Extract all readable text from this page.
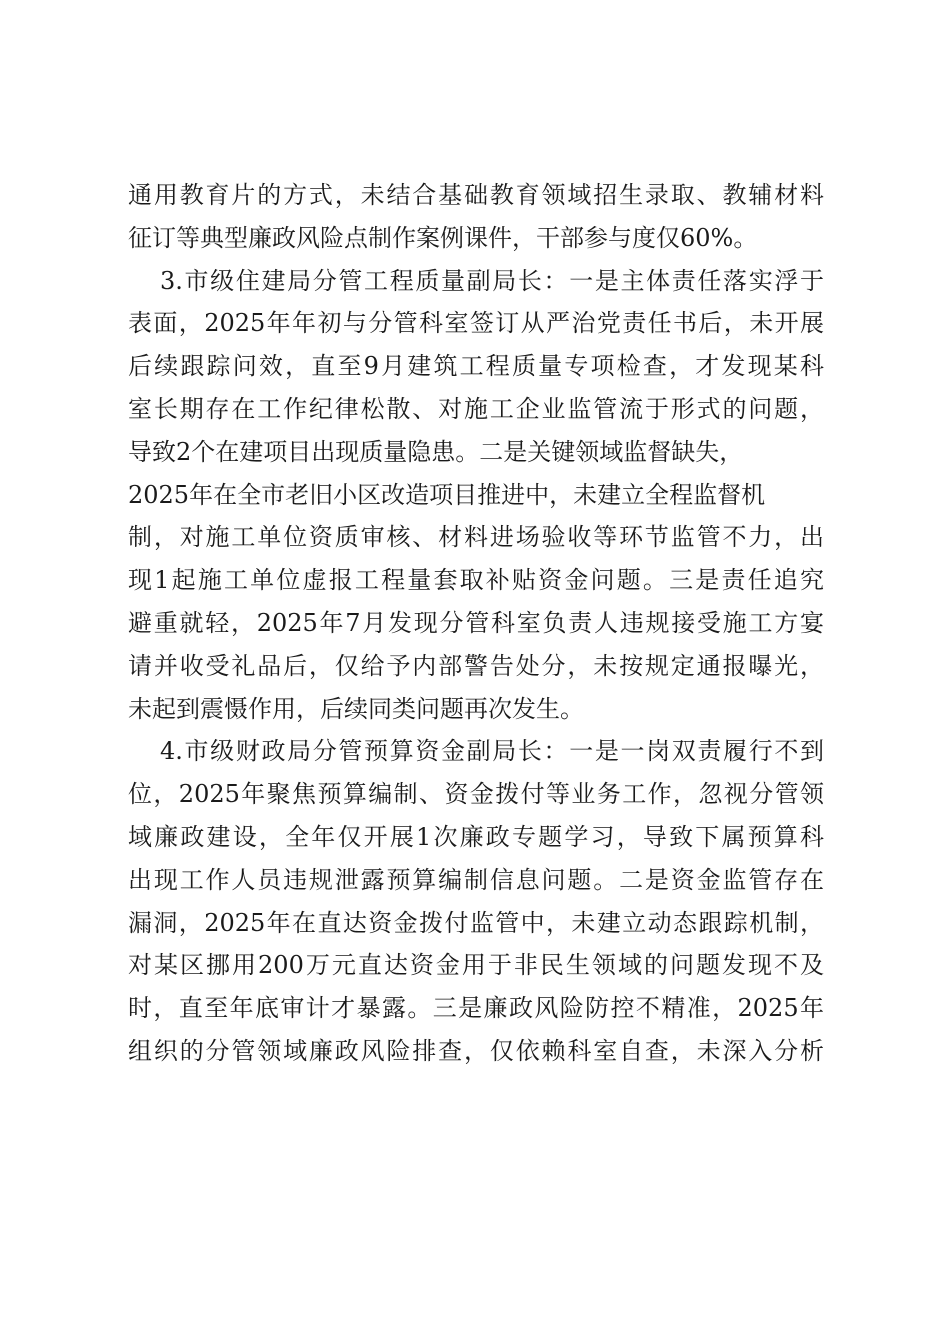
通用教育片的方式，未结合基础教育领域招生录取、教辅材料
征订等典型廉政风险点制作案例课件，干部参与度仅60%。
3.市级住建局分管工程质量副局长：一是主体责任落实浮于
表面，2025年年初与分管科室签订从严治党责任书后，未开展
后续跟踪问效，直至9月建筑工程质量专项检查，才发现某科
室长期存在工作纪律松散、对施工企业监管流于形式的问题，
导致2个在建项目出现质量隐患。二是关键领域监督缺失，
2025年在全市老旧小区改造项目推进中，未建立全程监督机
制，对施工单位资质审核、材料进场验收等环节监管不力，出
现1起施工单位虚报工程量套取补贴资金问题。三是责任追究
避重就轻，2025年7月发现分管科室负责人违规接受施工方宴
请并收受礼品后，仅给予内部警告处分，未按规定通报曝光，
未起到震慑作用，后续同类问题再次发生。
4.市级财政局分管预算资金副局长：一是一岗双责履行不到
位，2025年聚焦预算编制、资金拨付等业务工作，忽视分管领
域廉政建设，全年仅开展1次廉政专题学习，导致下属预算科
出现工作人员违规泄露预算编制信息问题。二是资金监管存在
漏洞，2025年在直达资金拨付监管中，未建立动态跟踪机制，
对某区挪用200万元直达资金用于非民生领域的问题发现不及
时，直至年底审计才暴露。三是廉政风险防控不精准，2025年
组织的分管领域廉政风险排查，仅依赖科室自查，未深入分析
